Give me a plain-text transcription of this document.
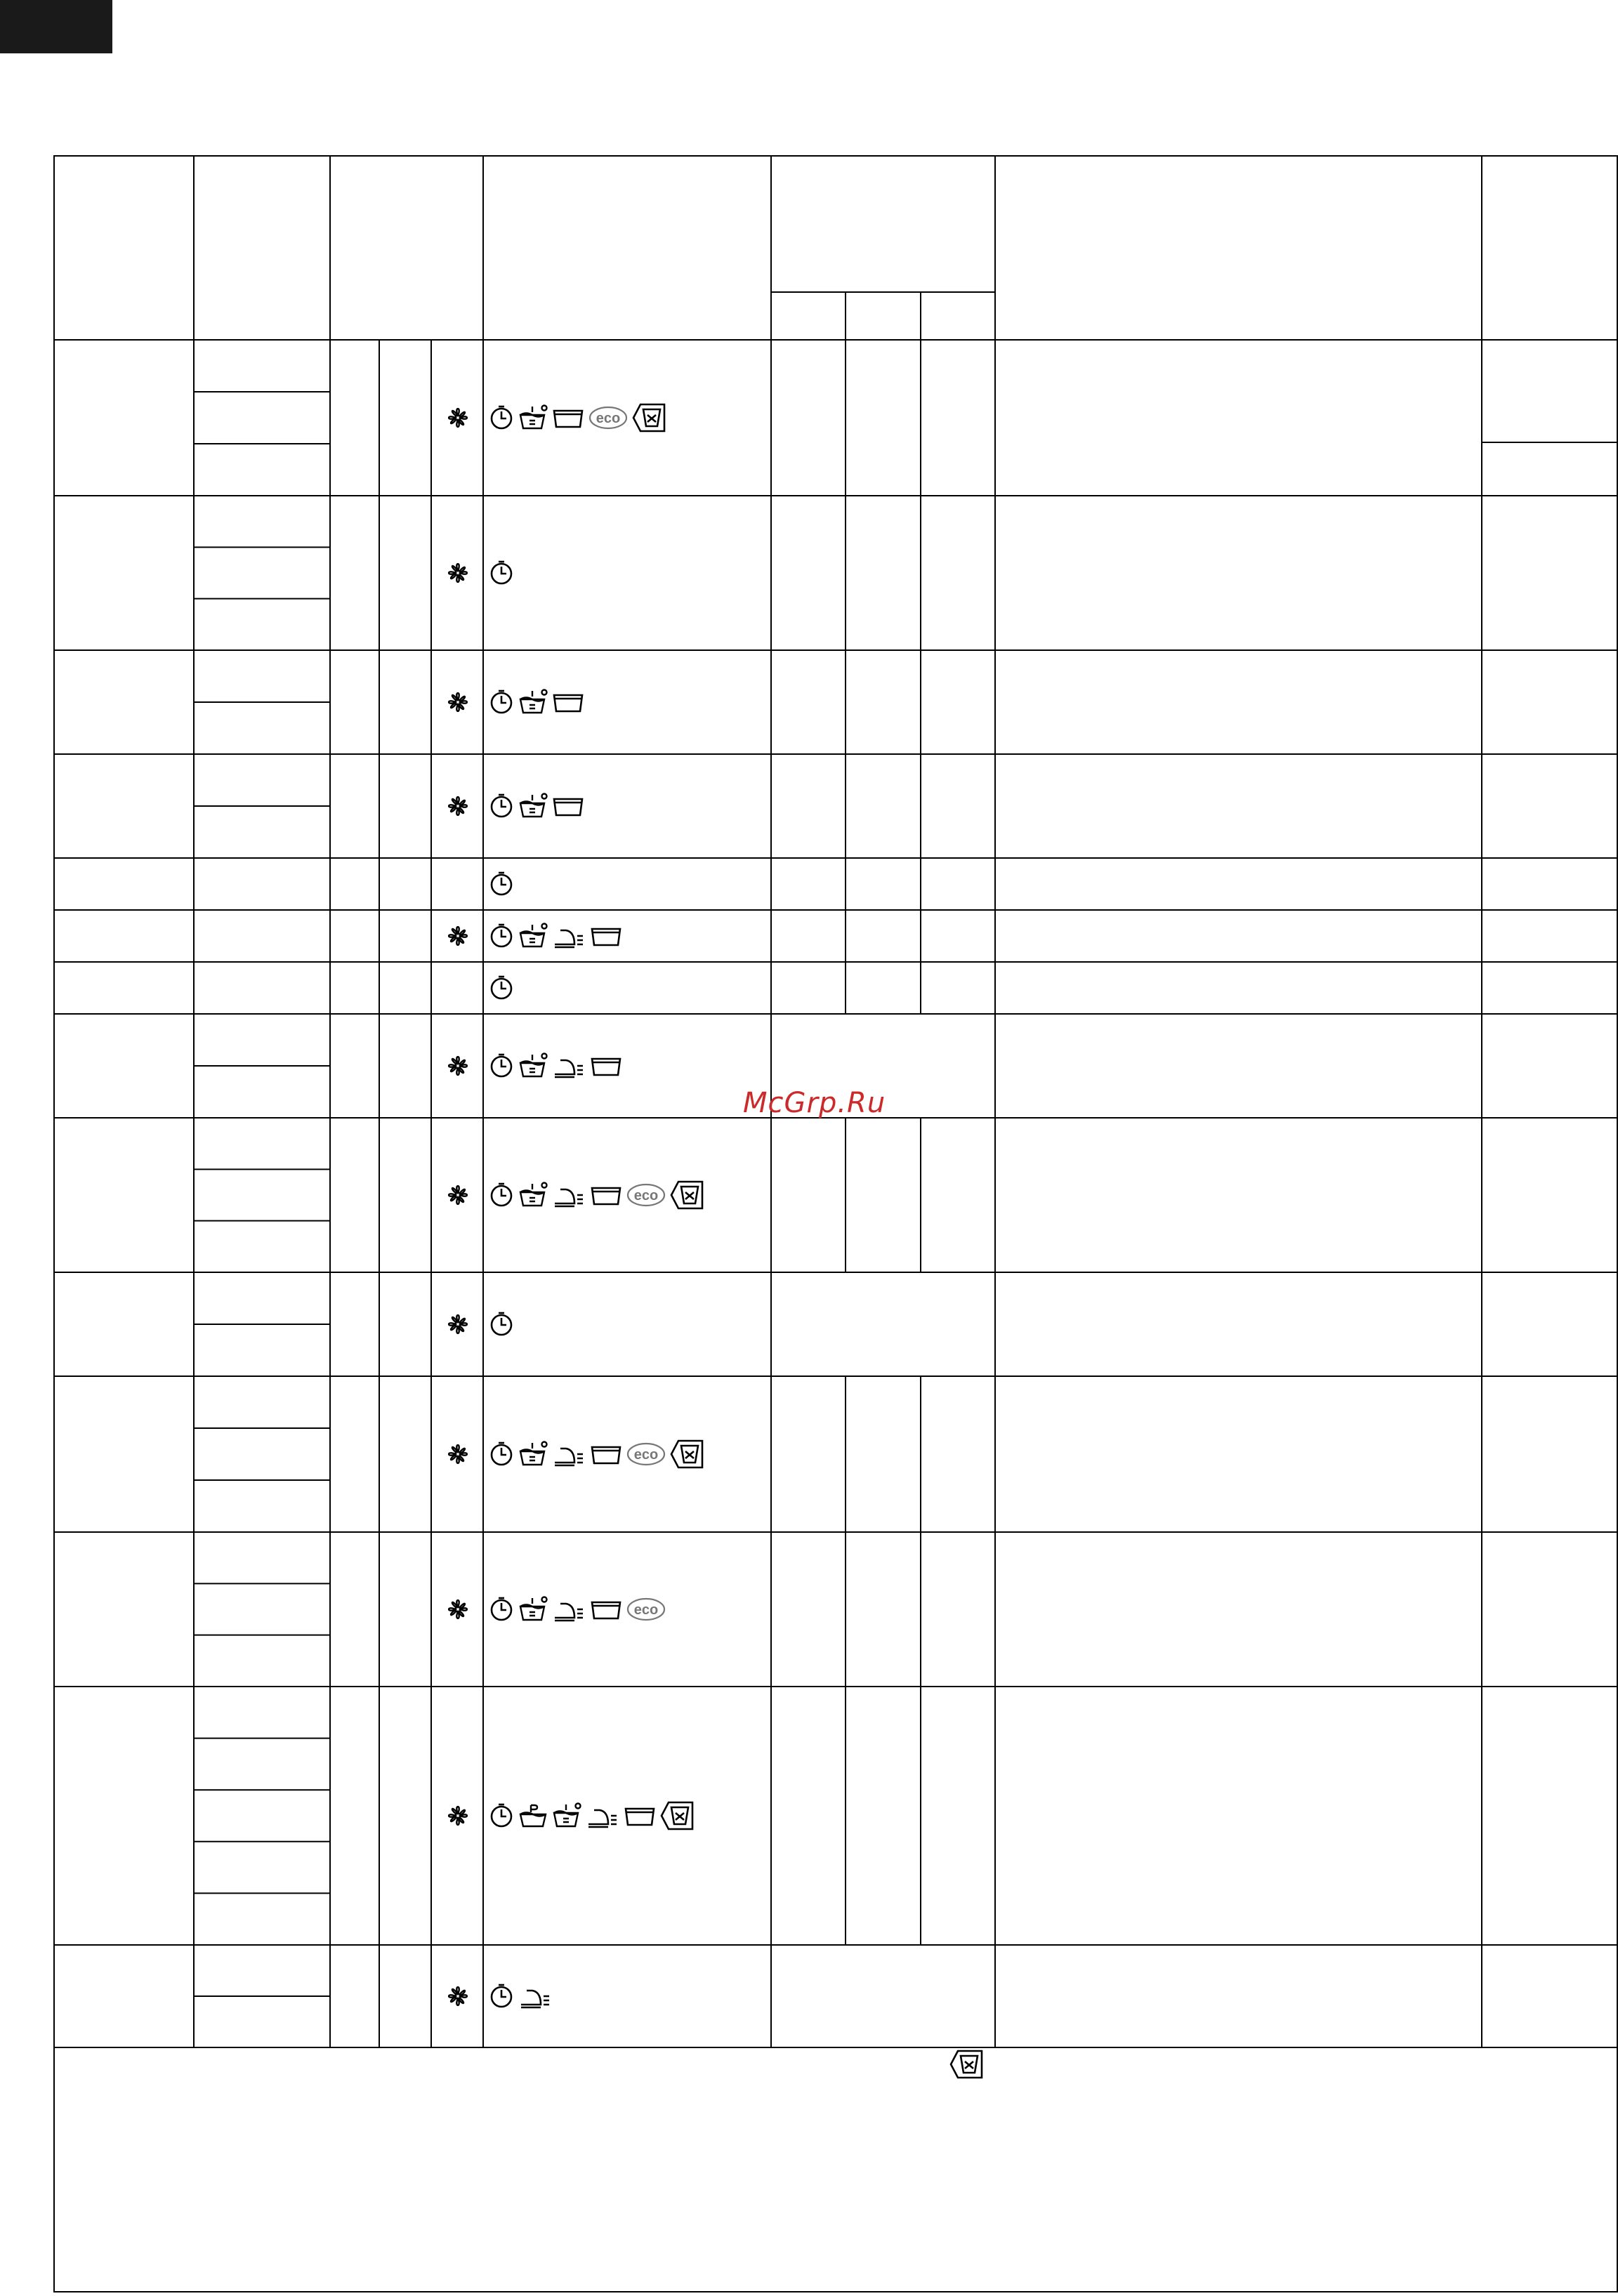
eco
eco
eco
eco
McGrp.Ru
